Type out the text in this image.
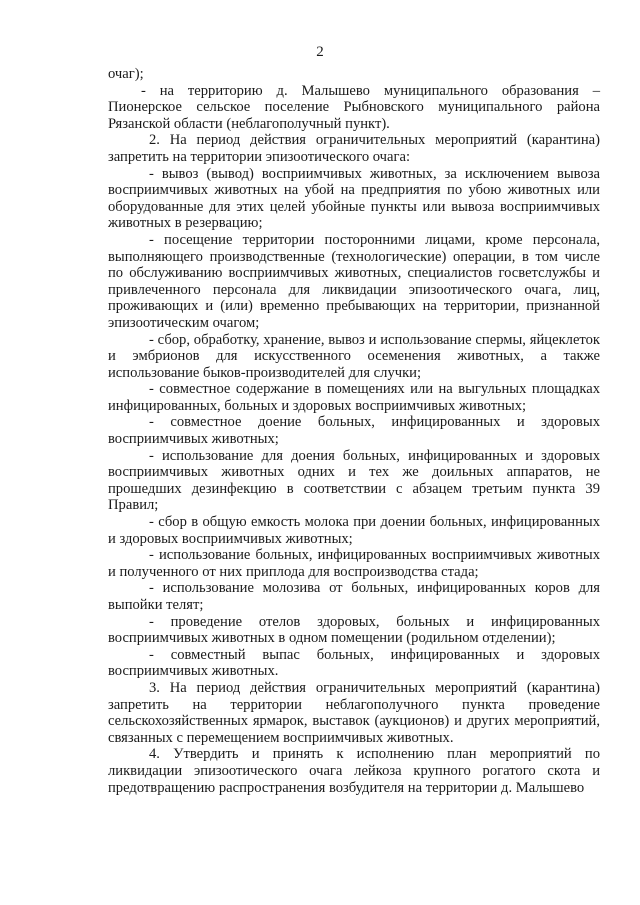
2

очаг);

- на территорию д. Малышево муниципального образования – Пионерское сельское поселение Рыбновского муниципального района Рязанской области (неблагополучный пункт).

2. На период действия ограничительных мероприятий (карантина) запретить на территории эпизоотического очага:

- вывоз (вывод) восприимчивых животных, за исключением вывоза восприимчивых животных на убой на предприятия по убою животных или оборудованные для этих целей убойные пункты или вывоза восприимчивых животных в резервацию;

- посещение территории посторонними лицами, кроме персонала, выполняющего производственные (технологические) операции, в том числе по обслуживанию восприимчивых животных, специалистов госветслужбы и привлеченного персонала для ликвидации эпизоотического очага, лиц, проживающих и (или) временно пребывающих на территории, признанной эпизоотическим очагом;

- сбор, обработку, хранение, вывоз и использование спермы, яйцеклеток и эмбрионов для искусственного осеменения животных, а также использование быков-производителей для случки;

- совместное содержание в помещениях или на выгульных площадках инфицированных, больных и здоровых восприимчивых животных;

- совместное доение больных, инфицированных и здоровых восприимчивых животных;

- использование для доения больных, инфицированных и здоровых восприимчивых животных одних и тех же доильных аппаратов, не прошедших дезинфекцию в соответствии с абзацем третьим пункта 39 Правил;

- сбор в общую емкость молока при доении больных, инфицированных и здоровых восприимчивых животных;

- использование больных, инфицированных восприимчивых животных и полученного от них приплода для воспроизводства стада;

- использование молозива от больных, инфицированных коров для выпойки телят;

- проведение отелов здоровых, больных и инфицированных восприимчивых животных в одном помещении (родильном отделении);

- совместный выпас больных, инфицированных и здоровых восприимчивых животных.

3. На период действия ограничительных мероприятий (карантина) запретить на территории неблагополучного пункта проведение сельскохозяйственных ярмарок, выставок (аукционов) и других мероприятий, связанных с перемещением восприимчивых животных.

4. Утвердить и принять к исполнению план мероприятий по ликвидации эпизоотического очага лейкоза крупного рогатого скота и предотвращению распространения возбудителя на территории д. Малышево
